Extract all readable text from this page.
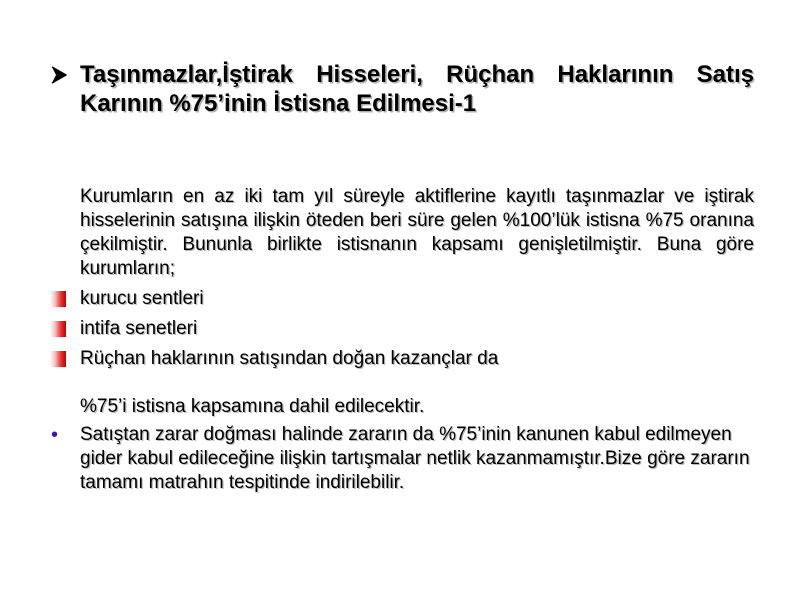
Taşınmazlar,İştirak Hisseleri, Rüçhan Haklarının Satış Karının %75’inin İstisna Edilmesi-1
Kurumların en az iki tam yıl süreyle aktiflerine kayıtlı taşınmazlar ve iştirak hisselerinin satışına ilişkin öteden beri süre gelen %100’lük istisna %75 oranına çekilmiştir. Bununla birlikte istisnanın kapsamı genişletilmiştir. Buna göre kurumların;
kurucu sentleri
intifa senetleri
Rüçhan haklarının satışından doğan kazançlar da
%75’i istisna kapsamına dahil edilecektir.
• Satıştan zarar doğması halinde zararın da %75’inin kanunen kabul edilmeyen gider kabul edileceğine ilişkin tartışmalar netlik kazanmamıştır.Bize göre zararın tamamı matrahın tespitinde indirilebilir.
